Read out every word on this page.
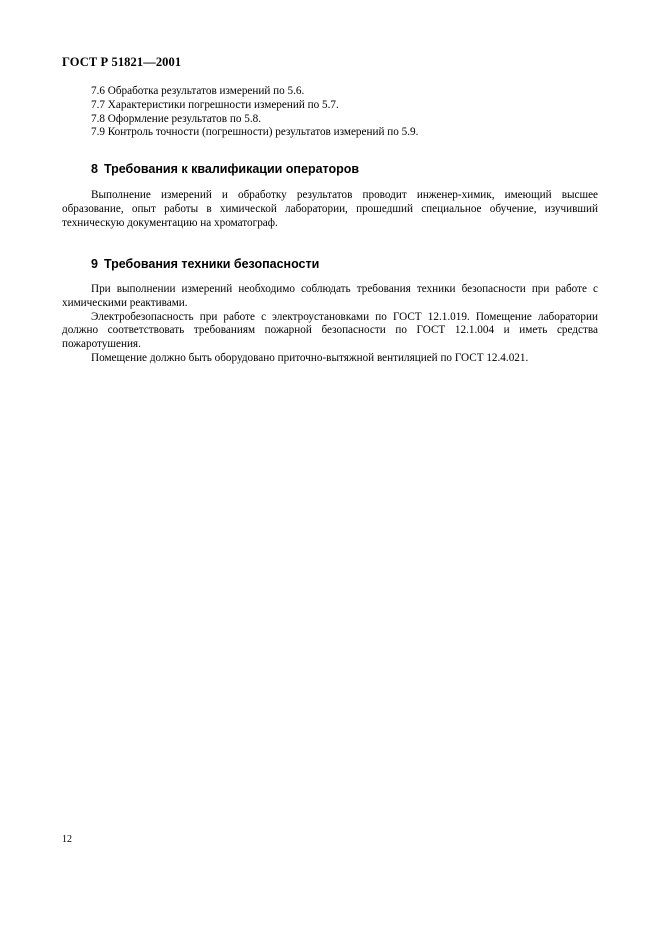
ГОСТ Р 51821—2001
7.6 Обработка результатов измерений по 5.6.
7.7 Характеристики погрешности измерений по 5.7.
7.8 Оформление результатов по 5.8.
7.9 Контроль точности (погрешности) результатов измерений по 5.9.
8 Требования к квалификации операторов

Выполнение измерений и обработку результатов проводит инженер-химик, имеющий высшее образование, опыт работы в химической лаборатории, прошедший специальное обучение, изучивший техническую документацию на хроматограф.

9 Требования техники безопасности

При выполнении измерений необходимо соблюдать требования техники безопасности при работе с химическими реактивами.

Электробезопасность при работе с электроустановками по ГОСТ 12.1.019. Помещение лаборатории должно соответствовать требованиям пожарной безопасности по ГОСТ 12.1.004 и иметь средства пожаротушения.

Помещение должно быть оборудовано приточно-вытяжной вентиляцией по ГОСТ 12.4.021.

12
